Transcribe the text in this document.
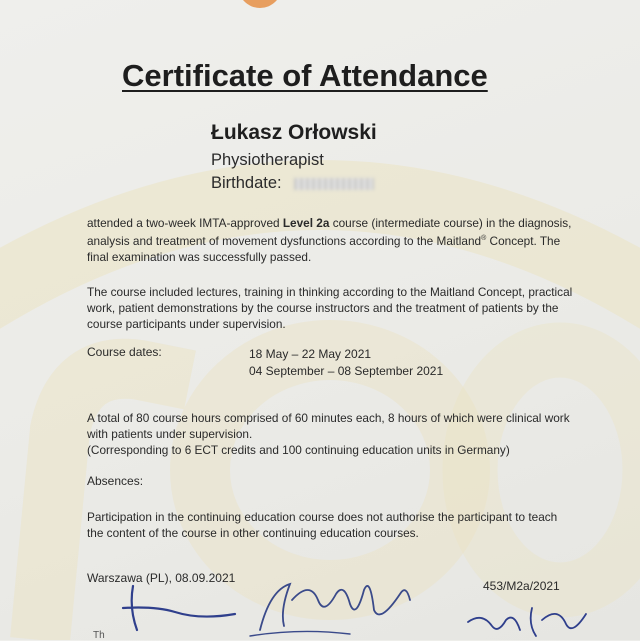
Certificate of Attendance
Łukasz Orłowski
Physiotherapist
Birthdate:

attended a two-week IMTA-approved Level 2a course (intermediate course) in the diagnosis,
analysis and treatment of movement dysfunctions according to the Maitland® Concept. The
final examination was successfully passed.

The course included lectures, training in thinking according to the Maitland Concept, practical
work, patient demonstrations by the course instructors and the treatment of patients by the
course participants under supervision.

Course dates:	18 May – 22 May 2021
04 September – 08 September 2021

A total of 80 course hours comprised of 60 minutes each, 8 hours of which were clinical work
with patients under supervision.
(Corresponding to 6 ECT credits and 100 continuing education units in Germany)

Absences:

Participation in the continuing education course does not authorise the participant to teach
the content of the course in other continuing education courses.

Warszawa (PL), 08.09.2021
453/M2a/2021
Th
